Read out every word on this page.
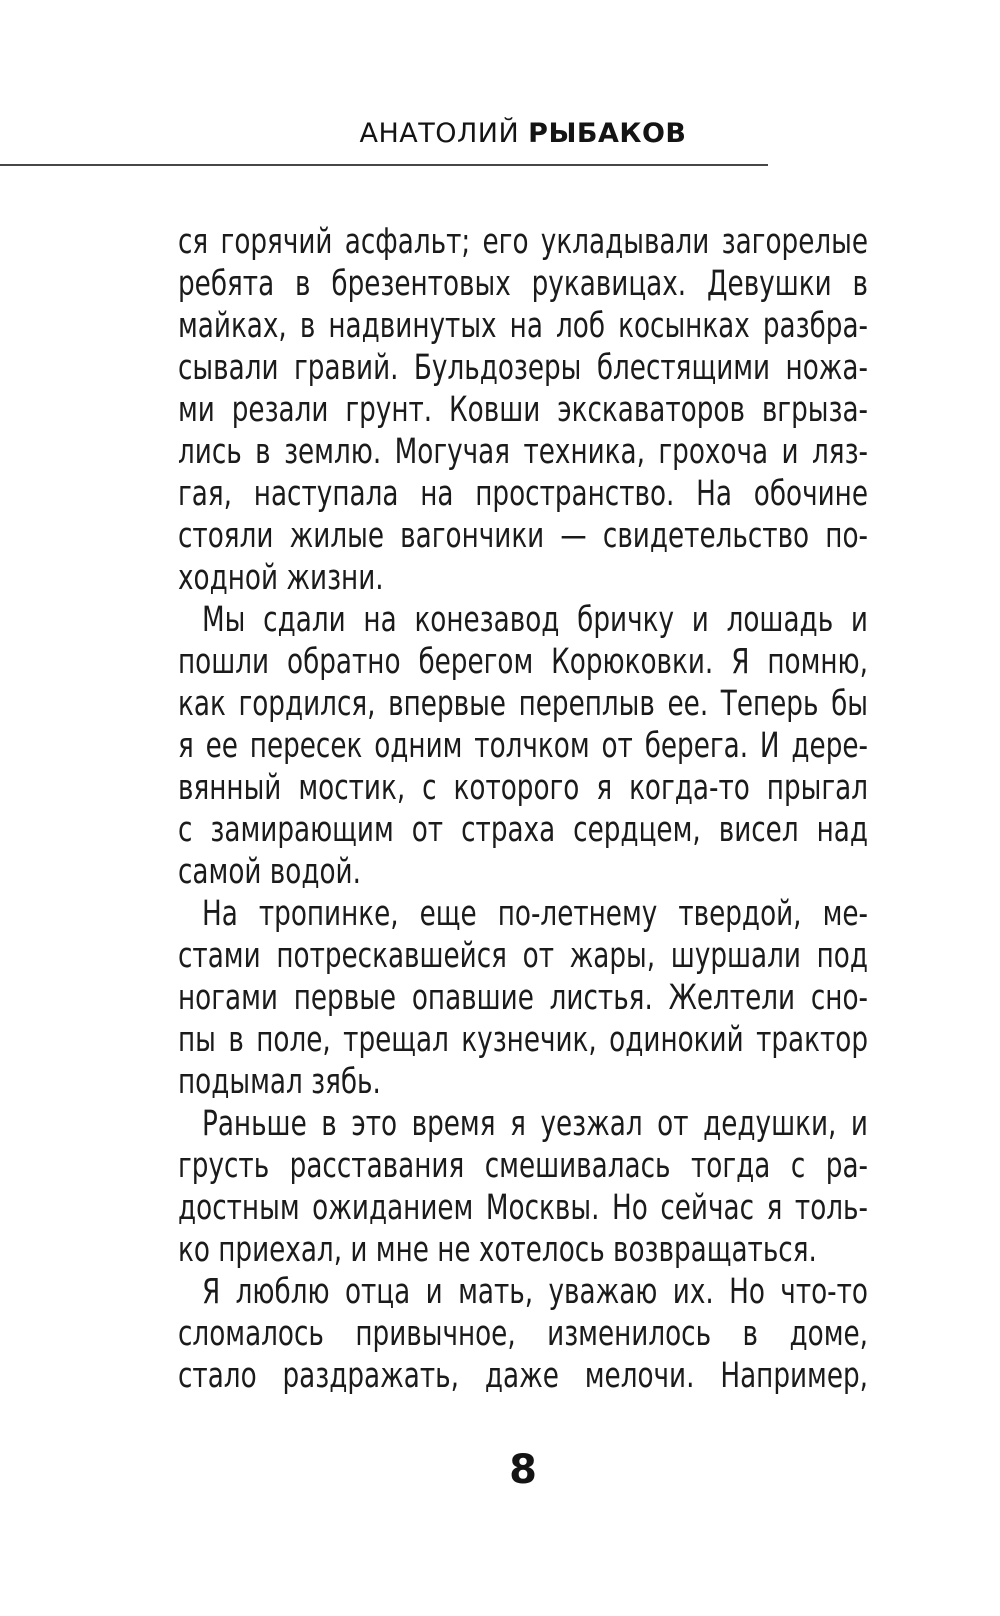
АНАТОЛИЙ РЫБАКОВ
ся горячий асфальт; его укладывали загорелые
ребята в брезентовых рукавицах. Девушки в
майках, в надвинутых на лоб косынках разбра-
сывали гравий. Бульдозеры блестящими ножа-
ми резали грунт. Ковши экскаваторов вгрыза-
лись в землю. Могучая техника, грохоча и ляз-
гая, наступала на пространство. На обочине
стояли жилые вагончики — свидетельство по-
ходной жизни.
Мы сдали на конезавод бричку и лошадь и
пошли обратно берегом Корюковки. Я помню,
как гордился, впервые переплыв ее. Теперь бы
я ее пересек одним толчком от берега. И дере-
вянный мостик, с которого я когда-то прыгал
с замирающим от страха сердцем, висел над
самой водой.
На тропинке, еще по-летнему твердой, ме-
стами потрескавшейся от жары, шуршали под
ногами первые опавшие листья. Желтели сно-
пы в поле, трещал кузнечик, одинокий трактор
подымал зябь.
Раньше в это время я уезжал от дедушки, и
грусть расставания смешивалась тогда с ра-
достным ожиданием Москвы. Но сейчас я толь-
ко приехал, и мне не хотелось возвращаться.
Я люблю отца и мать, уважаю их. Но что-то
сломалось привычное, изменилось в доме,
стало раздражать, даже мелочи. Например,
8
